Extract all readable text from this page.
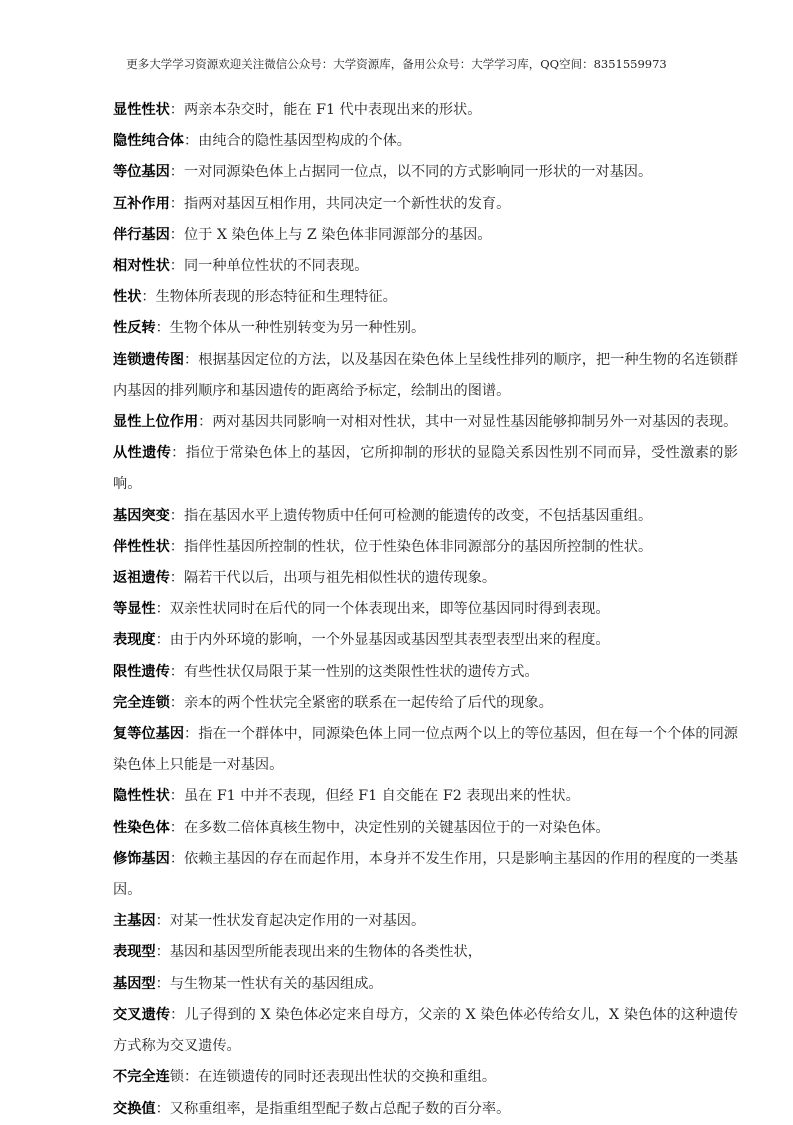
更多大学学习资源欢迎关注微信公众号：大学资源库，备用公众号：大学学习库，QQ空间：8351559973

显性性状：两亲本杂交时，能在 F1 代中表现出来的形状。

隐性纯合体：由纯合的隐性基因型构成的个体。

等位基因：一对同源染色体上占据同一位点，以不同的方式影响同一形状的一对基因。

互补作用：指两对基因互相作用，共同决定一个新性状的发育。

伴行基因：位于 X 染色体上与 Z 染色体非同源部分的基因。

相对性状：同一种单位性状的不同表现。

性状：生物体所表现的形态特征和生理特征。

性反转：生物个体从一种性别转变为另一种性别。

连锁遗传图：根据基因定位的方法，以及基因在染色体上呈线性排列的顺序，把一种生物的名连锁群内基因的排列顺序和基因遗传的距离给予标定，绘制出的图谱。

显性上位作用：两对基因共同影响一对相对性状，其中一对显性基因能够抑制另外一对基因的表现。

从性遗传：指位于常染色体上的基因，它所抑制的形状的显隐关系因性别不同而异，受性激素的影响。

基因突变：指在基因水平上遗传物质中任何可检测的能遗传的改变，不包括基因重组。

伴性性状：指伴性基因所控制的性状，位于性染色体非同源部分的基因所控制的性状。

返祖遗传：隔若干代以后，出项与祖先相似性状的遗传现象。

等显性：双亲性状同时在后代的同一个体表现出来，即等位基因同时得到表现。

表现度：由于内外环境的影响，一个外显基因或基因型其表型表型出来的程度。

限性遗传：有些性状仅局限于某一性别的这类限性性状的遗传方式。

完全连锁：亲本的两个性状完全紧密的联系在一起传给了后代的现象。

复等位基因：指在一个群体中，同源染色体上同一位点两个以上的等位基因，但在每一个个体的同源染色体上只能是一对基因。

隐性性状：虽在 F1 中并不表现，但经 F1 自交能在 F2 表现出来的性状。

性染色体：在多数二倍体真核生物中，决定性别的关键基因位于的一对染色体。

修饰基因：依赖主基因的存在而起作用，本身并不发生作用，只是影响主基因的作用的程度的一类基因。

主基因：对某一性状发育起决定作用的一对基因。

表现型：基因和基因型所能表现出来的生物体的各类性状，

基因型：与生物某一性状有关的基因组成。

交叉遗传：儿子得到的 X 染色体必定来自母方，父亲的 X 染色体必传给女儿，X 染色体的这种遗传方式称为交叉遗传。

不完全连锁：在连锁遗传的同时还表现出性状的交换和重组。

交换值：又称重组率，是指重组型配子数占总配子数的百分率。
